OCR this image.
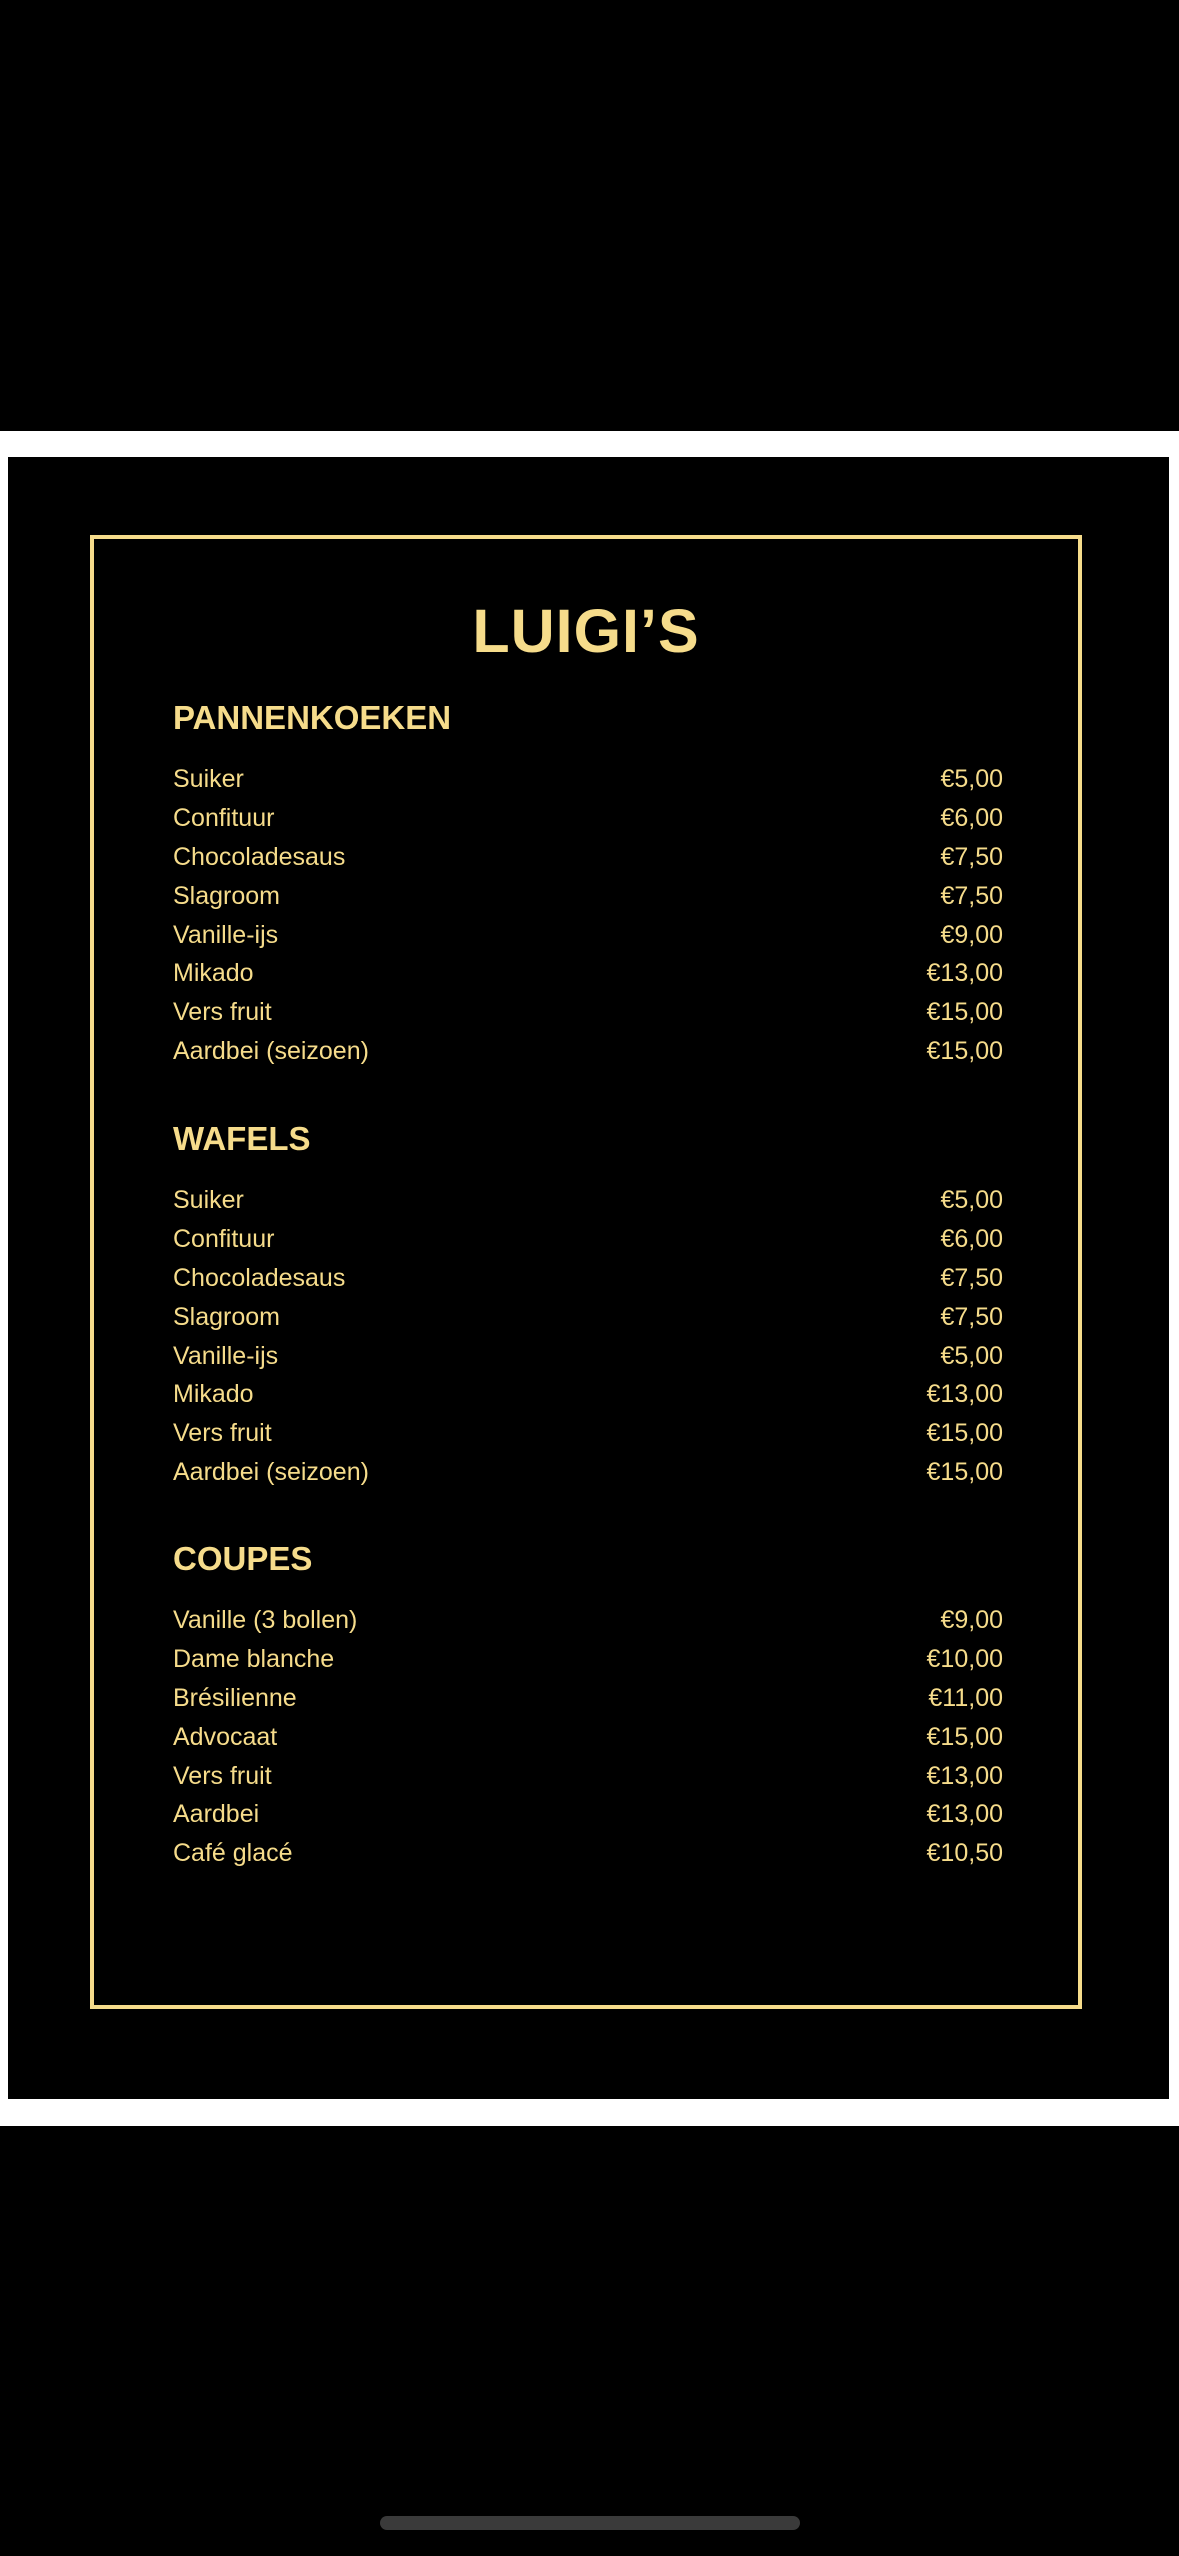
LUIGI’S
PANNENKOEKEN
Suiker	€5,00
Confituur	€6,00
Chocoladesaus	€7,50
Slagroom	€7,50
Vanille-ijs	€9,00
Mikado	€13,00
Vers fruit	€15,00
Aardbei (seizoen)	€15,00
WAFELS
Suiker	€5,00
Confituur	€6,00
Chocoladesaus	€7,50
Slagroom	€7,50
Vanille-ijs	€5,00
Mikado	€13,00
Vers fruit	€15,00
Aardbei (seizoen)	€15,00
COUPES
Vanille (3 bollen)	€9,00
Dame blanche	€10,00
Brésilienne	€11,00
Advocaat	€15,00
Vers fruit	€13,00
Aardbei	€13,00
Café glacé	€10,50
